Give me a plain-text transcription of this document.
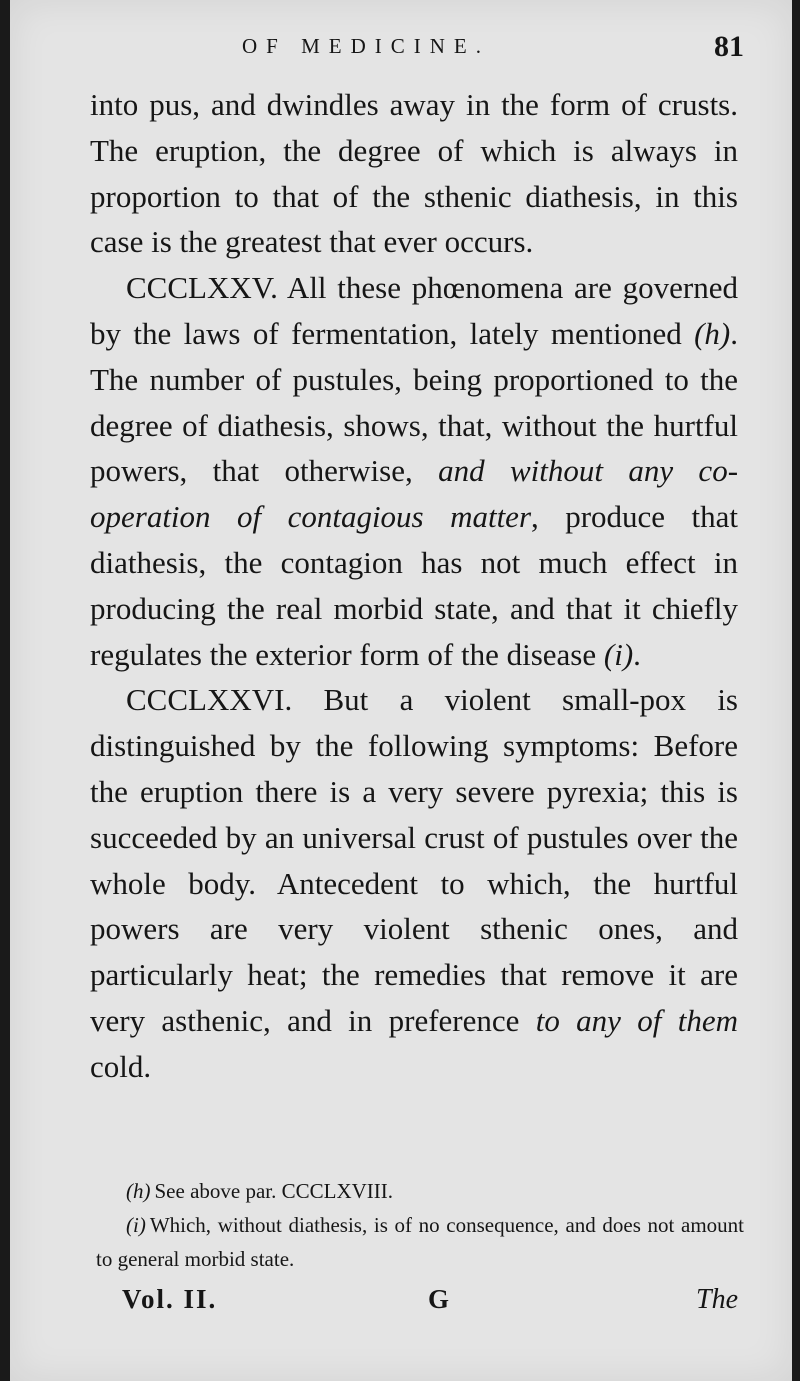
OF MEDICINE.	81

into pus, and dwindles away in the form of crusts. The eruption, the degree of which is always in proportion to that of the sthenic diathesis, in this case is the greatest that ever occurs.

CCCLXXV. All these phœnomena are governed by the laws of fermentation, lately mentioned (h). The number of pustules, being proportioned to the degree of diathesis, shows, that, without the hurtful powers, that otherwise, and without any co-operation of contagious matter, produce that diathesis, the contagion has not much effect in producing the real morbid state, and that it chiefly regulates the exterior form of the disease (i).

CCCLXXVI. But a violent small-pox is distinguished by the following symptoms: Before the eruption there is a very severe pyrexia; this is succeeded by an universal crust of pustules over the whole body. Antecedent to which, the hurtful powers are very violent sthenic ones, and particularly heat; the remedies that remove it are very asthenic, and in preference to any of them cold.

(h) See above par. CCCLXVIII.

(i) Which, without diathesis, is of no consequence, and does not amount to general morbid state.

Vol. II.	G	The
